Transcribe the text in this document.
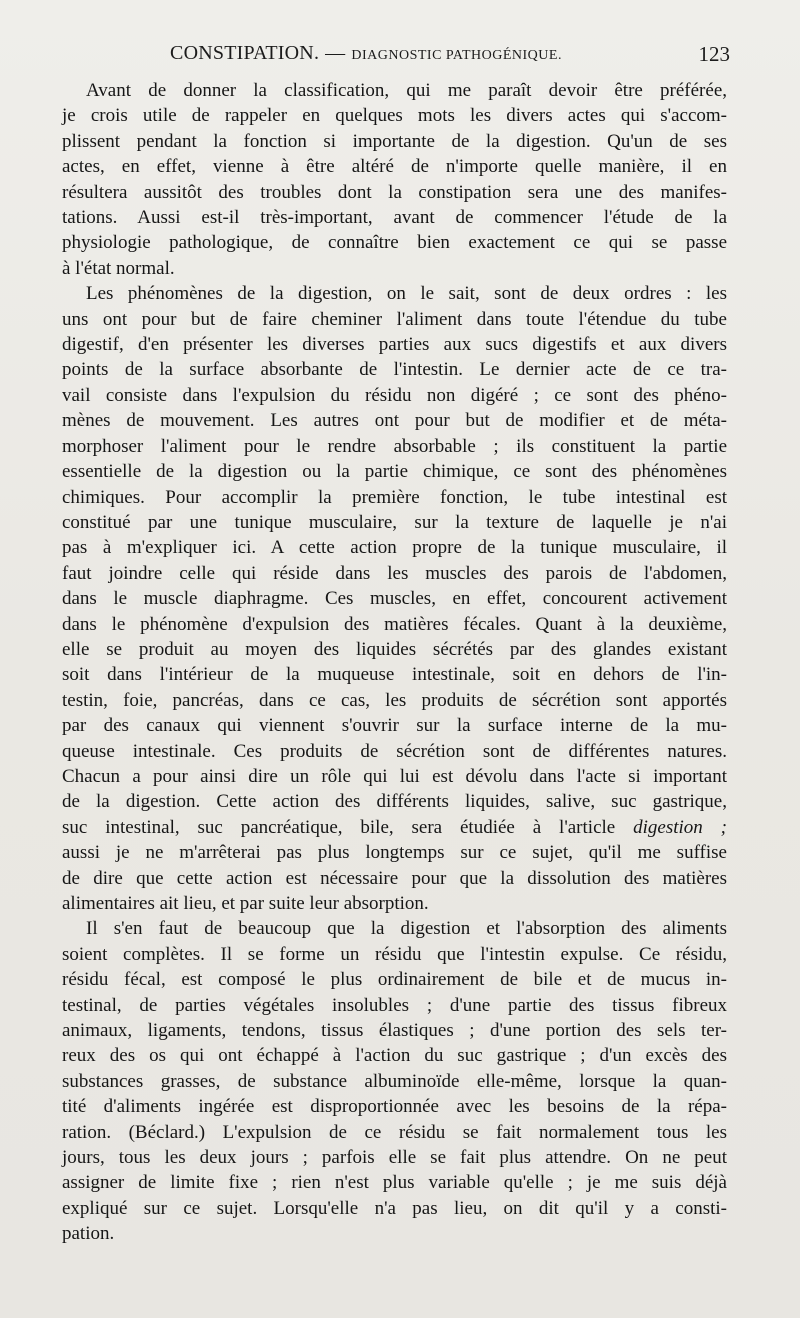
CONSTIPATION. — DIAGNOSTIC PATHOGÉNIQUE.	123
Avant de donner la classification, qui me paraît devoir être préférée,
je crois utile de rappeler en quelques mots les divers actes qui s'accom-
plissent pendant la fonction si importante de la digestion. Qu'un de ses
actes, en effet, vienne à être altéré de n'importe quelle manière, il en
résultera aussitôt des troubles dont la constipation sera une des manifes-
tations. Aussi est-il très-important, avant de commencer l'étude de la
physiologie pathologique, de connaître bien exactement ce qui se passe
à l'état normal.
Les phénomènes de la digestion, on le sait, sont de deux ordres : les
uns ont pour but de faire cheminer l'aliment dans toute l'étendue du tube
digestif, d'en présenter les diverses parties aux sucs digestifs et aux divers
points de la surface absorbante de l'intestin. Le dernier acte de ce tra-
vail consiste dans l'expulsion du résidu non digéré ; ce sont des phéno-
mènes de mouvement. Les autres ont pour but de modifier et de méta-
morphoser l'aliment pour le rendre absorbable ; ils constituent la partie
essentielle de la digestion ou la partie chimique, ce sont des phénomènes
chimiques. Pour accomplir la première fonction, le tube intestinal est
constitué par une tunique musculaire, sur la texture de laquelle je n'ai
pas à m'expliquer ici. A cette action propre de la tunique musculaire, il
faut joindre celle qui réside dans les muscles des parois de l'abdomen,
dans le muscle diaphragme. Ces muscles, en effet, concourent activement
dans le phénomène d'expulsion des matières fécales. Quant à la deuxième,
elle se produit au moyen des liquides sécrétés par des glandes existant
soit dans l'intérieur de la muqueuse intestinale, soit en dehors de l'in-
testin, foie, pancréas, dans ce cas, les produits de sécrétion sont apportés
par des canaux qui viennent s'ouvrir sur la surface interne de la mu-
queuse intestinale. Ces produits de sécrétion sont de différentes natures.
Chacun a pour ainsi dire un rôle qui lui est dévolu dans l'acte si important
de la digestion. Cette action des différents liquides, salive, suc gastrique,
suc intestinal, suc pancréatique, bile, sera étudiée à l'article digestion ;
aussi je ne m'arrêterai pas plus longtemps sur ce sujet, qu'il me suffise
de dire que cette action est nécessaire pour que la dissolution des matières
alimentaires ait lieu, et par suite leur absorption.
Il s'en faut de beaucoup que la digestion et l'absorption des aliments
soient complètes. Il se forme un résidu que l'intestin expulse. Ce résidu,
résidu fécal, est composé le plus ordinairement de bile et de mucus in-
testinal, de parties végétales insolubles ; d'une partie des tissus fibreux
animaux, ligaments, tendons, tissus élastiques ; d'une portion des sels ter-
reux des os qui ont échappé à l'action du suc gastrique ; d'un excès des
substances grasses, de substance albuminoïde elle-même, lorsque la quan-
tité d'aliments ingérée est disproportionnée avec les besoins de la répa-
ration. (Béclard.) L'expulsion de ce résidu se fait normalement tous les
jours, tous les deux jours ; parfois elle se fait plus attendre. On ne peut
assigner de limite fixe ; rien n'est plus variable qu'elle ; je me suis déjà
expliqué sur ce sujet. Lorsqu'elle n'a pas lieu, on dit qu'il y a consti-
pation.
